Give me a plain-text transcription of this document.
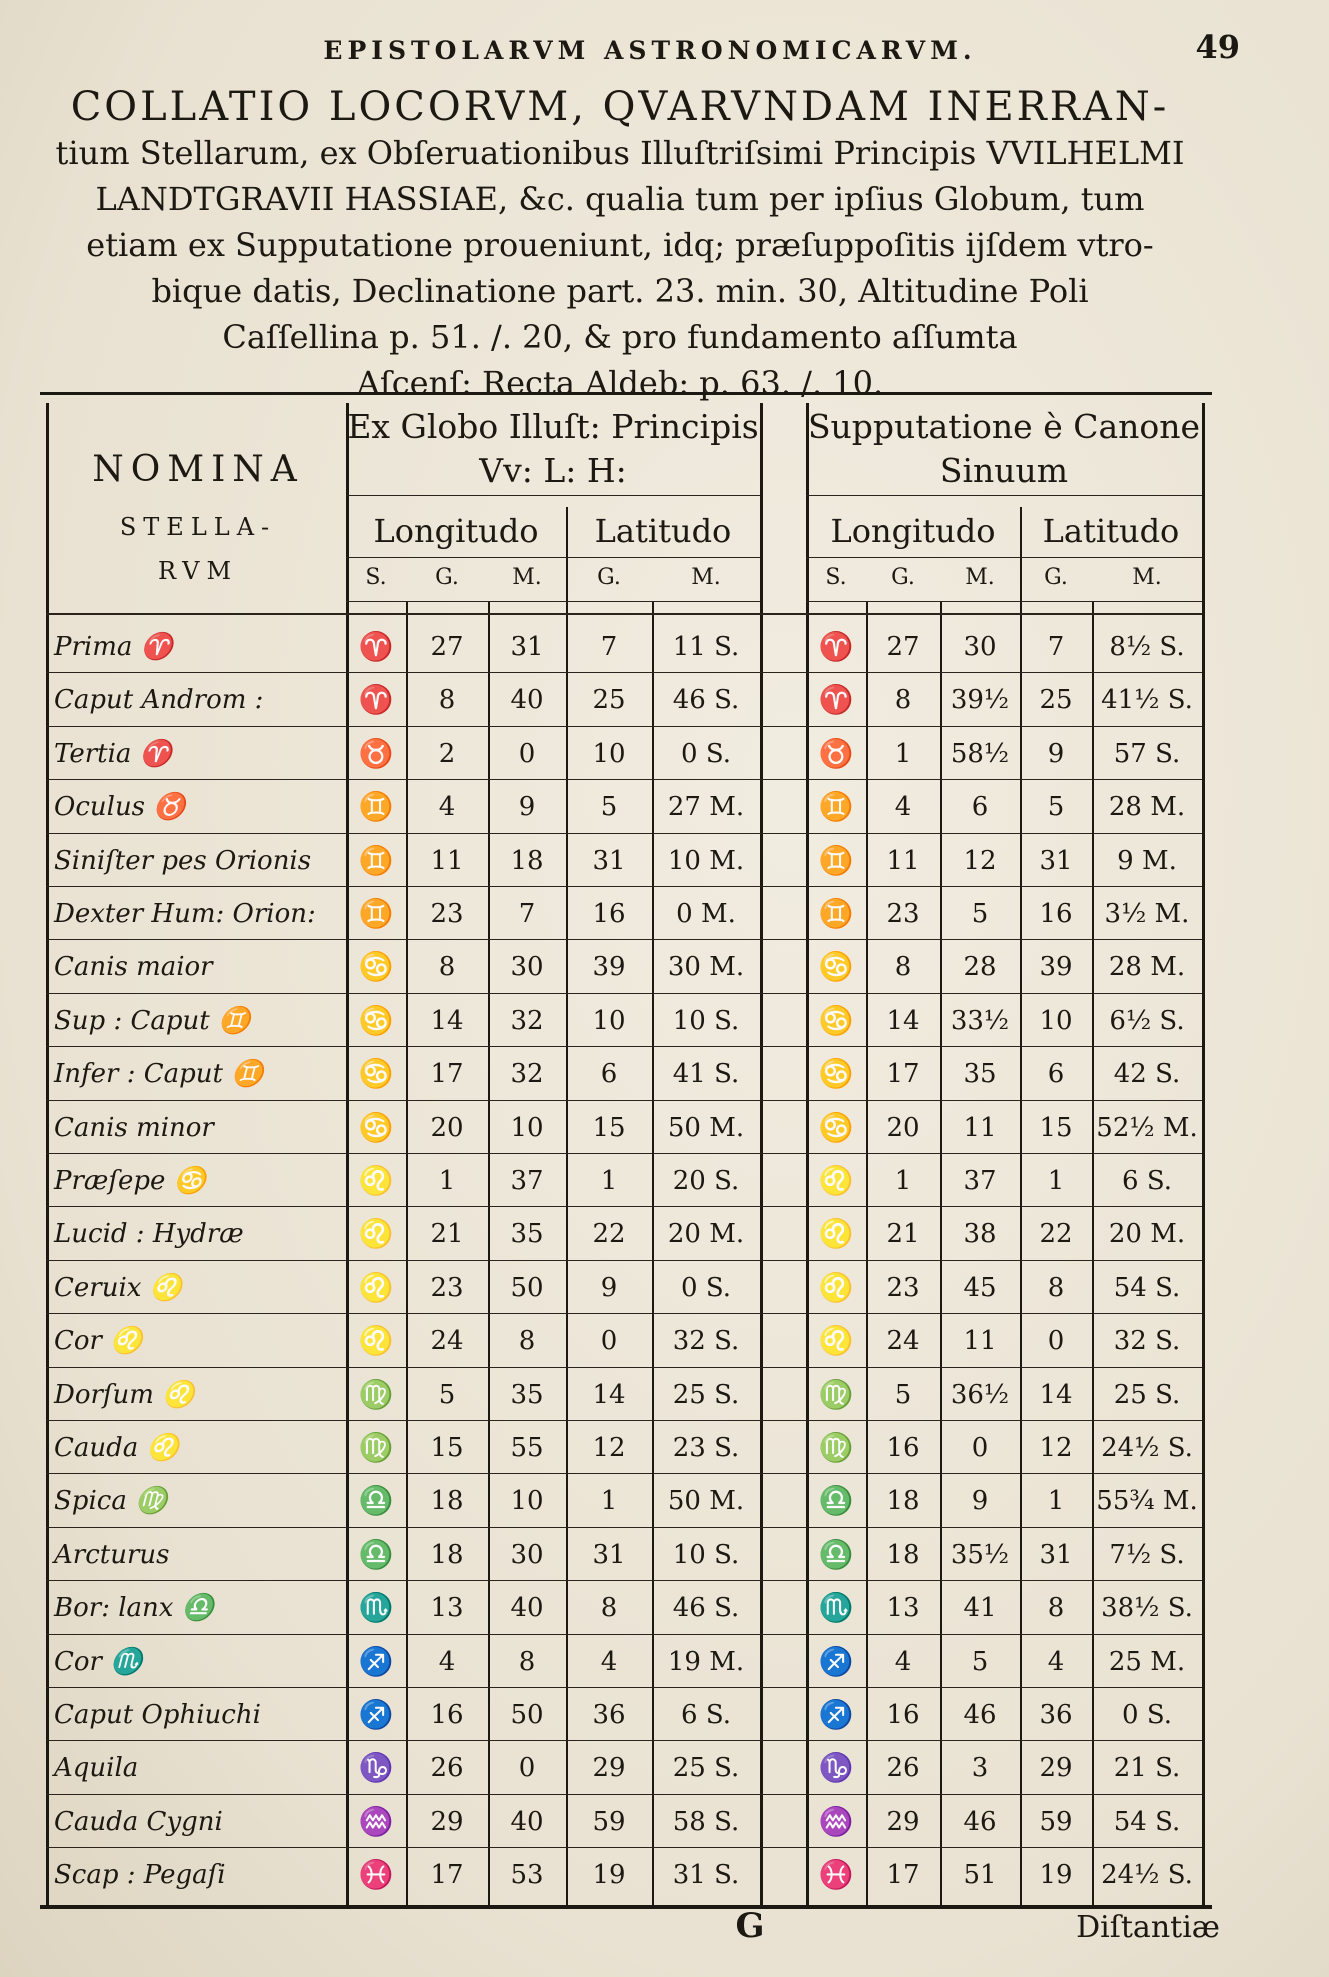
EPISTOLARVM ASTRONOMICARVM.	49
COLLATIO LOCORVM, QVARVNDAM INERRAN-
tium Stellarum, ex Obſeruationibus Illuſtriſsimi Principis VVILHELMI
LANDTGRAVII HASSIAE, &c. qualia tum per ipſius Globum, tum
etiam ex Supputatione proueniunt, idq; præſuppoſitis ijſdem vtro-
bique datis, Declinatione part. 23. min. 30, Altitudine Poli
Caſſellina p. 51. /. 20, & pro fundamento aſſumta
Aſcenſ: Recta Aldeb: p. 63. /. 10.
NOMINA
STELLA-
RVM
Ex Globo Illuſt: Principis
Vv: L: H:
Supputatione è Canone
Sinuum
Longitudo	Latitudo	Longitudo	Latitudo
S.	G.	M.	G.	M.	S.	G.	M.	G.	M.
Prima ♈	♈	27	31	7	11 S.	♈	27	30	7	8½ S.
Caput Androm :	♈	8	40	25	46 S.	♈	8	39½	25	41½ S.
Tertia ♈	♉	2	0	10	0 S.	♉	1	58½	9	57 S.
Oculus ♉	♊	4	9	5	27 M.	♊	4	6	5	28 M.
Siniſter pes Orionis	♊	11	18	31	10 M.	♊	11	12	31	9 M.
Dexter Hum: Orion:	♊	23	7	16	0 M.	♊	23	5	16	3½ M.
Canis maior	♋	8	30	39	30 M.	♋	8	28	39	28 M.
Sup : Caput ♊	♋	14	32	10	10 S.	♋	14	33½	10	6½ S.
Infer : Caput ♊	♋	17	32	6	41 S.	♋	17	35	6	42 S.
Canis minor	♋	20	10	15	50 M.	♋	20	11	15 52½ M.
Præſepe ♋	♌	1	37	1	20 S.	♌	1	37	1	6 S.
Lucid : Hydræ	♌	21	35	22	20 M.	♌	21	38	22	20 M.
Ceruix ♌	♌	23	50	9	0 S.	♌	23	45	8	54 S.
Cor ♌	♌	24	8	0	32 S.	♌	24	11	0	32 S.
Dorſum ♌	♍	5	35	14	25 S.	♍	5	36½	14	25 S.
Cauda ♌	♍	15	55	12	23 S.	♍	16	0	12	24½ S.
Spica ♍	♎	18	10	1	50 M.	♎	18	9	1	55¾ M.
Arcturus	♎	18	30	31	10 S.	♎	18	35½	31	7½ S.
Bor: lanx ♎	♏	13	40	8	46 S.	♏	13	41	8	38½ S.
Cor ♏	♐	4	8	4	19 M.	♐	4	5	4	25 M.
Caput Ophiuchi	♐	16	50	36	6 S.	♐	16	46	36	0 S.
Aquila	♑	26	0	29	25 S.	♑	26	3	29	21 S.
Cauda Cygni	♒	29	40	59	58 S.	♒	29	46	59	54 S.
Scap : Pegaſi	♓	17	53	19	31 S.	♓	17	51	19	24½ S.
G	Diſtantiæ
